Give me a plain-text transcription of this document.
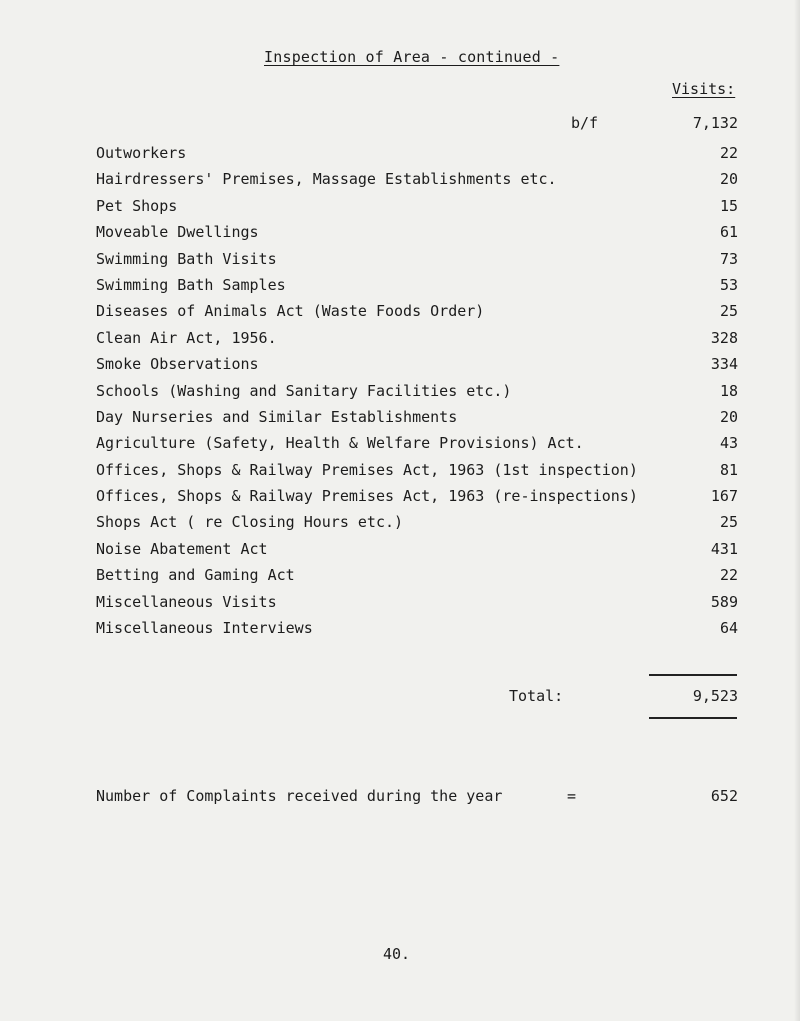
Inspection of Area - continued -
Visits:
b/f	7,132
Outworkers	22
Hairdressers' Premises, Massage Establishments etc.	20
Pet Shops	15
Moveable Dwellings	61
Swimming Bath Visits	73
Swimming Bath Samples	53
Diseases of Animals Act (Waste Foods Order)	25
Clean Air Act, 1956.	328
Smoke Observations	334
Schools (Washing and Sanitary Facilities etc.)	18
Day Nurseries and Similar Establishments	20
Agriculture (Safety, Health & Welfare Provisions) Act.	43
Offices, Shops & Railway Premises Act, 1963 (1st inspection)	81
Offices, Shops & Railway Premises Act, 1963 (re-inspections)	167
Shops Act ( re Closing Hours etc.)	25
Noise Abatement Act	431
Betting and Gaming Act	22
Miscellaneous Visits	589
Miscellaneous Interviews	64
Total:	9,523
Number of Complaints received during the year	=	652
40.
